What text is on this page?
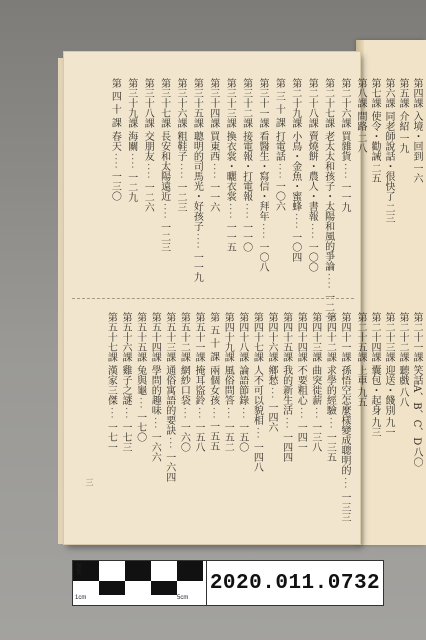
第二十六課買雜貨····一一九
第二十七課老太太和孩子・太陽和風的爭論····一二一
第二十八課賣燒餅・農人・書報····一〇〇
第二十九課小鳥・金魚・蜜蜂····一〇四
第 三 十 課打電話····一〇六
第三十一課看醫生・寫信・拜年····一〇八
第三十二課接電報・打電報····一一〇
第三十三課換衣裳・曬衣裳····一一五
第三十四課買東西····一一六
第三十五課聰明的司馬光・好孩子····一一九
第三十六課粗鞋子····一二三
第三十七課長安和太陽遠近····一二三
第三十八課交朋友····一二六
第三十九課海關····一二九
第 四 十 課春天····一三〇
第四十一課孫悟空怎麼樣變成聰明的···一三三
第四十二課求學的經驗···一三五
第四十三課曲突徙薪···一三八
第四十四課不要粗心···一四一
第四十五課我的新生活···一四四
第四十六課鄉愁···一四六
第四十七課人不可以貌相···一四八
第四十八課論語節錄···一五〇
第四十九課風俗問答···一五二
第 五 十 課兩個女孩···一五五
第五十一課掩耳盜鈴···一五八
第五十二課網紗口袋···一六〇
第五十三課通俗寓語的要訣···一六四
第五十四課學問的趣味···一六六
第五十五課兔與龜···一七〇
第五十六課雞子之謎···一七三
第五十七課漢家三傑···一七一
第四課入境・回到一六
第五課介紹一九
第六課同老師說話・很快了二三
第七課使令・勸誡二五
第八課問路二八
第二十一課笑話A、B、C、D八〇
第二十二課聽戲八八
第二十三課迎送・餞別九一
第二十四課囊包・起身九三
第二十五課上車九五
三
2cm
1cm	5cm
2020.011.0732
